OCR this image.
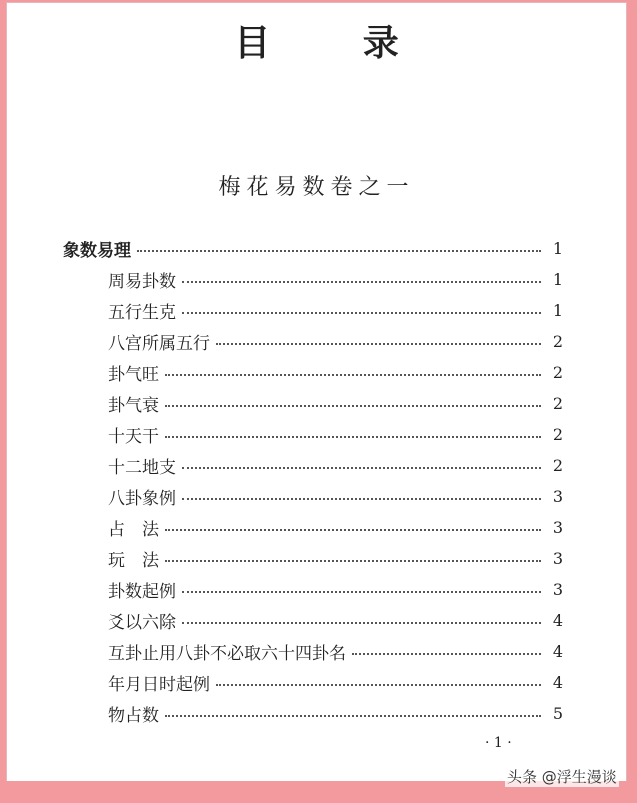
目 录
梅花易数卷之一
象数易理	1
周易卦数	1
五行生克	1
八宫所属五行	2
卦气旺	2
卦气衰	2
十天干	2
十二地支	2
八卦象例	3
占　法	3
玩　法	3
卦数起例	3
爻以六除	4
互卦止用八卦不必取六十四卦名	4
年月日时起例	4
物占数	5
· 1 ·
头条 @浮生漫谈
